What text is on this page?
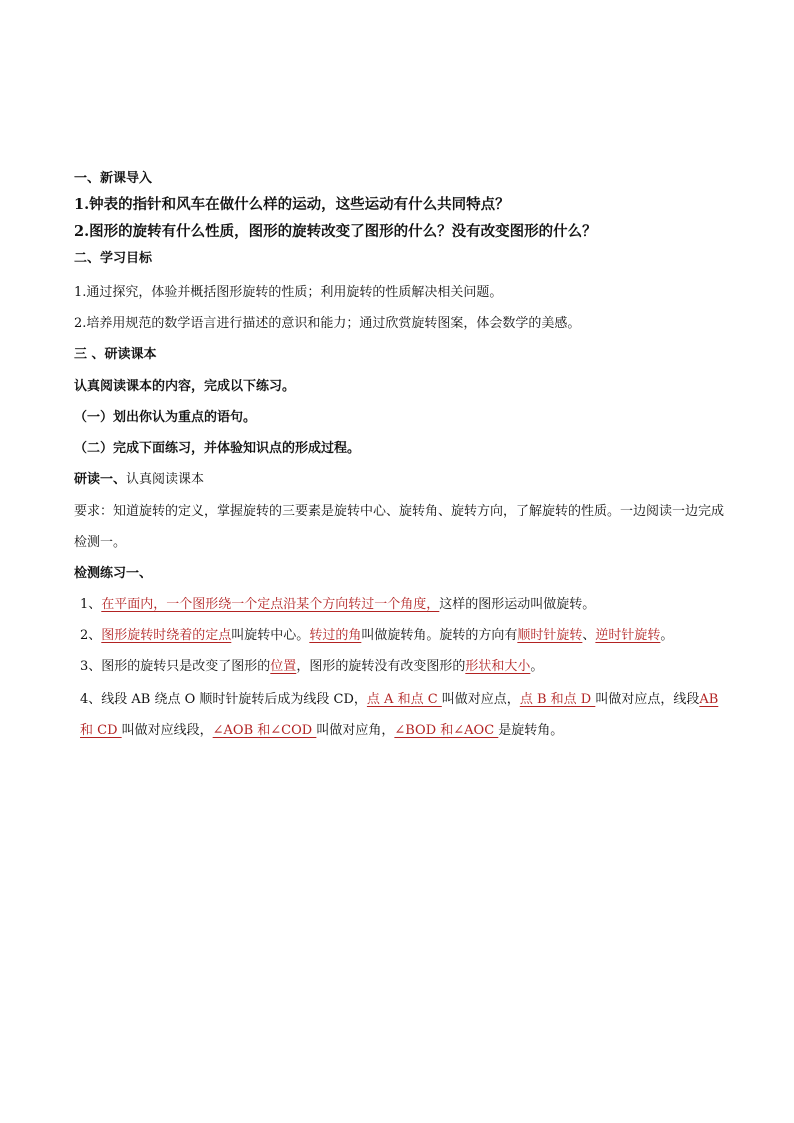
一、新课导入
1.钟表的指针和风车在做什么样的运动，这些运动有什么共同特点？
2.图形的旋转有什么性质，图形的旋转改变了图形的什么？没有改变图形的什么？
二、学习目标
1.通过探究，体验并概括图形旋转的性质；利用旋转的性质解决相关问题。
2.培养用规范的数学语言进行描述的意识和能力；通过欣赏旋转图案，体会数学的美感。
三 、研读课本
认真阅读课本的内容，完成以下练习。
（一）划出你认为重点的语句。
（二）完成下面练习，并体验知识点的形成过程。
研读一、认真阅读课本
要求：知道旋转的定义，掌握旋转的三要素是旋转中心、旋转角、旋转方向，了解旋转的性质。一边阅读一边完成检测一。
检测练习一、
1、在平面内，一个图形绕一个定点沿某个方向转过一个角度，这样的图形运动叫做旋转。
2、图形旋转时绕着的定点叫旋转中心。转过的角叫做旋转角。旋转的方向有顺时针旋转、逆时针旋转。
3、图形的旋转只是改变了图形的位置，图形的旋转没有改变图形的形状和大小。
4、线段 AB 绕点 O 顺时针旋转后成为线段 CD，点 A 和点 C 叫做对应点，点 B 和点 D 叫做对应点，线段AB 和 CD 叫做对应线段，∠AOB 和∠COD 叫做对应角，∠BOD 和∠AOC 是旋转角。
